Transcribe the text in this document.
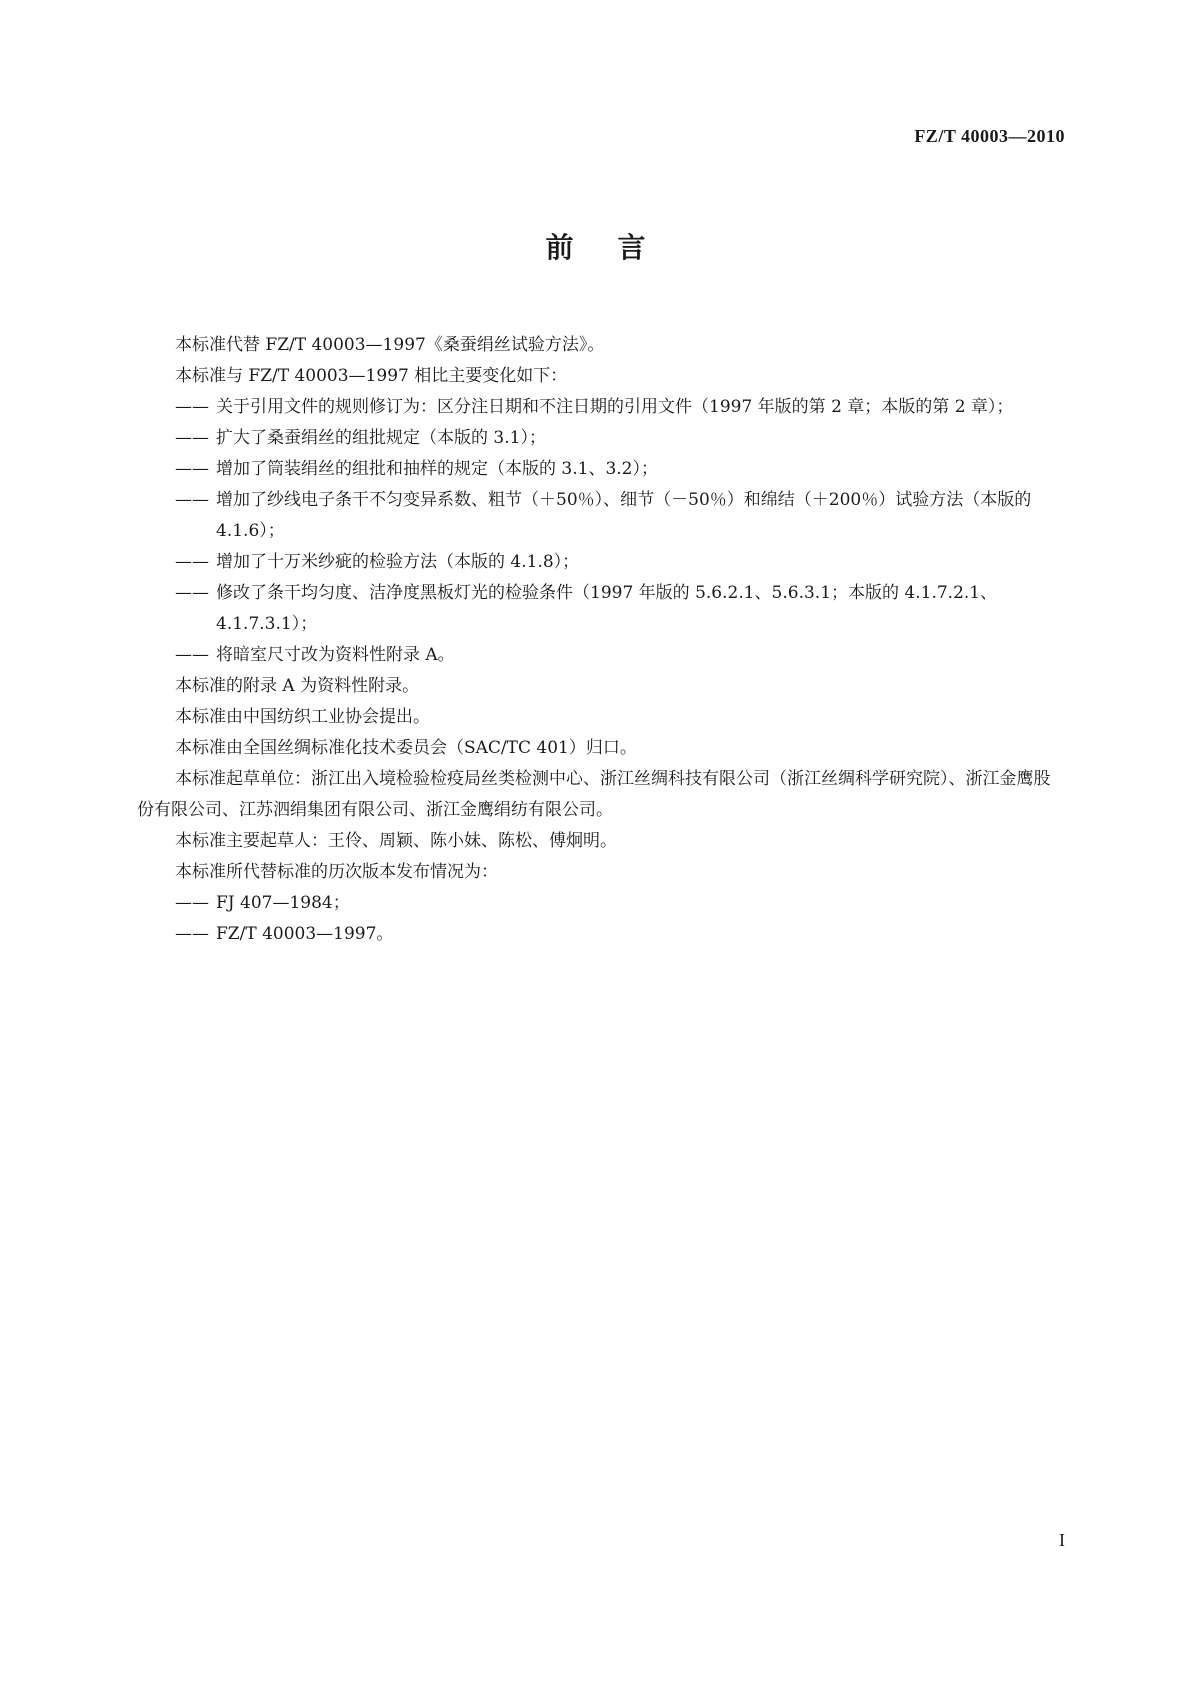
FZ/T 40003—2010
前言

本标准代替 FZ/T 40003—1997《桑蚕绢丝试验方法》。

本标准与 FZ/T 40003—1997 相比主要变化如下：

—— 关于引用文件的规则修订为：区分注日期和不注日期的引用文件（1997 年版的第 2 章；本版的第 2 章）；

—— 扩大了桑蚕绢丝的组批规定（本版的 3.1）；

—— 增加了筒装绢丝的组批和抽样的规定（本版的 3.1、3.2）；

—— 增加了纱线电子条干不匀变异系数、粗节（＋50％）、细节（－50％）和绵结（＋200％）试验方法（本版的 4.1.6）；

—— 增加了十万米纱疵的检验方法（本版的 4.1.8）；

—— 修改了条干均匀度、洁净度黑板灯光的检验条件（1997 年版的 5.6.2.1、5.6.3.1；本版的 4.1.7.2.1、4.1.7.3.1）；

—— 将暗室尺寸改为资料性附录 A。

本标准的附录 A 为资料性附录。

本标准由中国纺织工业协会提出。

本标准由全国丝绸标准化技术委员会（SAC/TC 401）归口。

本标准起草单位：浙江出入境检验检疫局丝类检测中心、浙江丝绸科技有限公司（浙江丝绸科学研究院）、浙江金鹰股份有限公司、江苏泗绢集团有限公司、浙江金鹰绢纺有限公司。

本标准主要起草人：王伶、周颖、陈小妹、陈松、傅炯明。

本标准所代替标准的历次版本发布情况为：

—— FJ 407—1984；

—— FZ/T 40003—1997。

I
